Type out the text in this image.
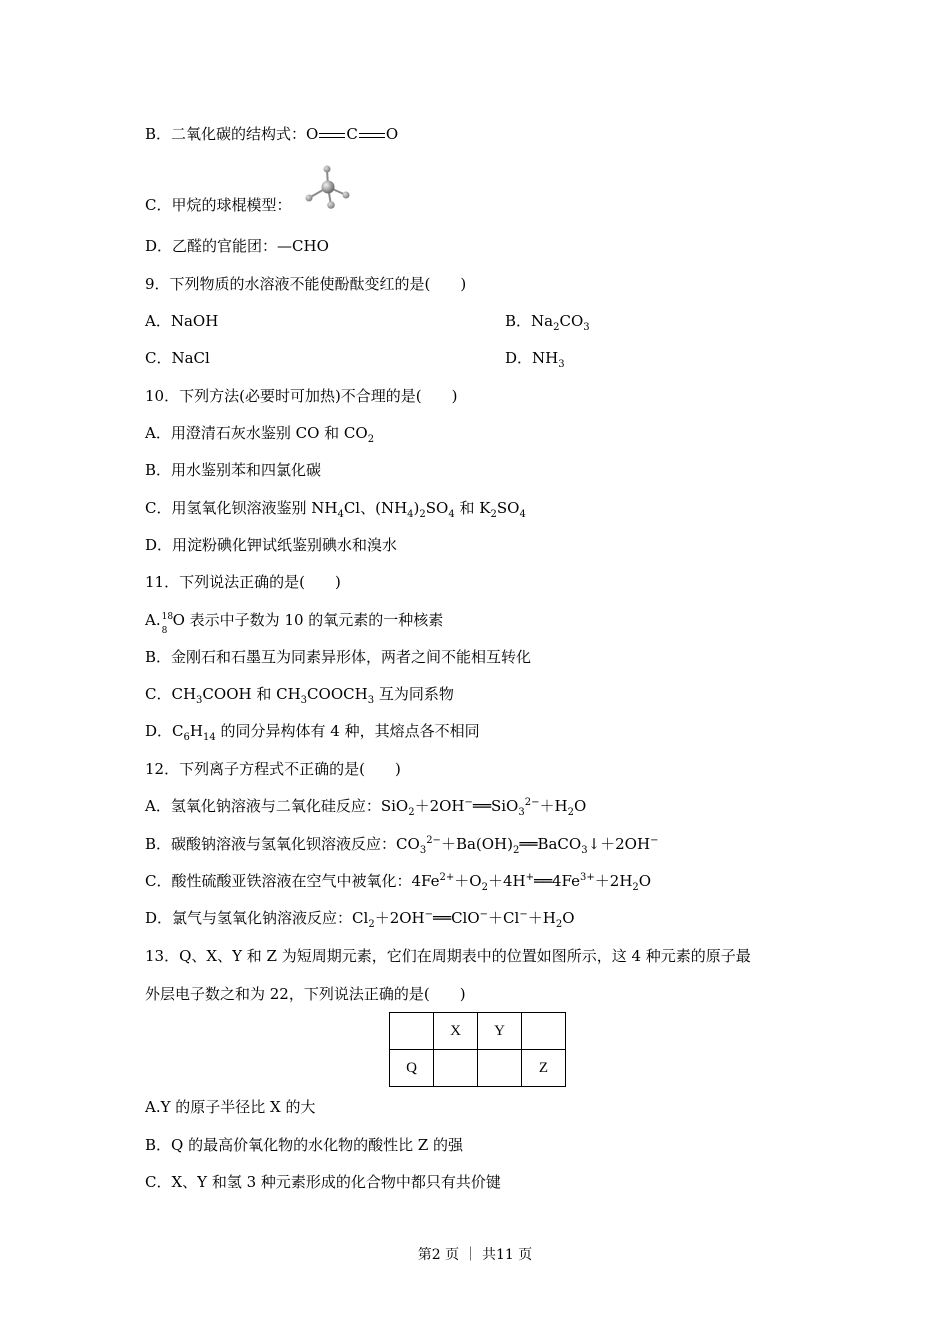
B．二氧化碳的结构式：O C O
C．甲烷的球棍模型：
D．乙醛的官能团：—CHO
9．下列物质的水溶液不能使酚酞变红的是(　　)
A．NaOH	B．$Na_2CO_3$
C．NaCl	D．$NH_3$
10．下列方法(必要时可加热)不合理的是(　　)
A．用澄清石灰水鉴别 CO 和 $CO_2$
B．用水鉴别苯和四氯化碳
C．用氢氧化钡溶液鉴别 $NH_4Cl$、$(NH_4)_2SO_4$ 和 $K_2SO_4$
D．用淀粉碘化钾试纸鉴别碘水和溴水
11．下列说法正确的是(　　)
A. 18
8
O 表示中子数为 10 的氧元素的一种核素
B．金刚石和石墨互为同素异形体，两者之间不能相互转化
C．$CH_3COOH$ 和 $CH_3COOCH_3$ 互为同系物
D．$C_6H_{14}$ 的同分异构体有 4 种，其熔点各不相同
12．下列离子方程式不正确的是(　　)
A．氢氧化钠溶液与二氧化硅反应：$SiO_2+2OH^-══SiO_3^{2-}+H_2O$
B．碳酸钠溶液与氢氧化钡溶液反应：$CO_3^{2-}+Ba(OH)_2══BaCO_3↓+2OH^-$
C．酸性硫酸亚铁溶液在空气中被氧化：$4Fe^{2+}+O_2+4H^+══4Fe^{3+}+2H_2O$
D．氯气与氢氧化钠溶液反应：$Cl_2+2OH^-══ClO^-+Cl^-+H_2O$
13．Q、X、Y 和 Z 为短周期元素，它们在周期表中的位置如图所示，这 4 种元素的原子最
外层电子数之和为 22，下列说法正确的是(　　)
	X	Y	
Q			Z
A.Y 的原子半径比 X 的大
B．Q 的最高价氧化物的水化物的酸性比 Z 的强
C．X、Y 和氢 3 种元素形成的化合物中都只有共价键
第2 页 ｜ 共11 页
